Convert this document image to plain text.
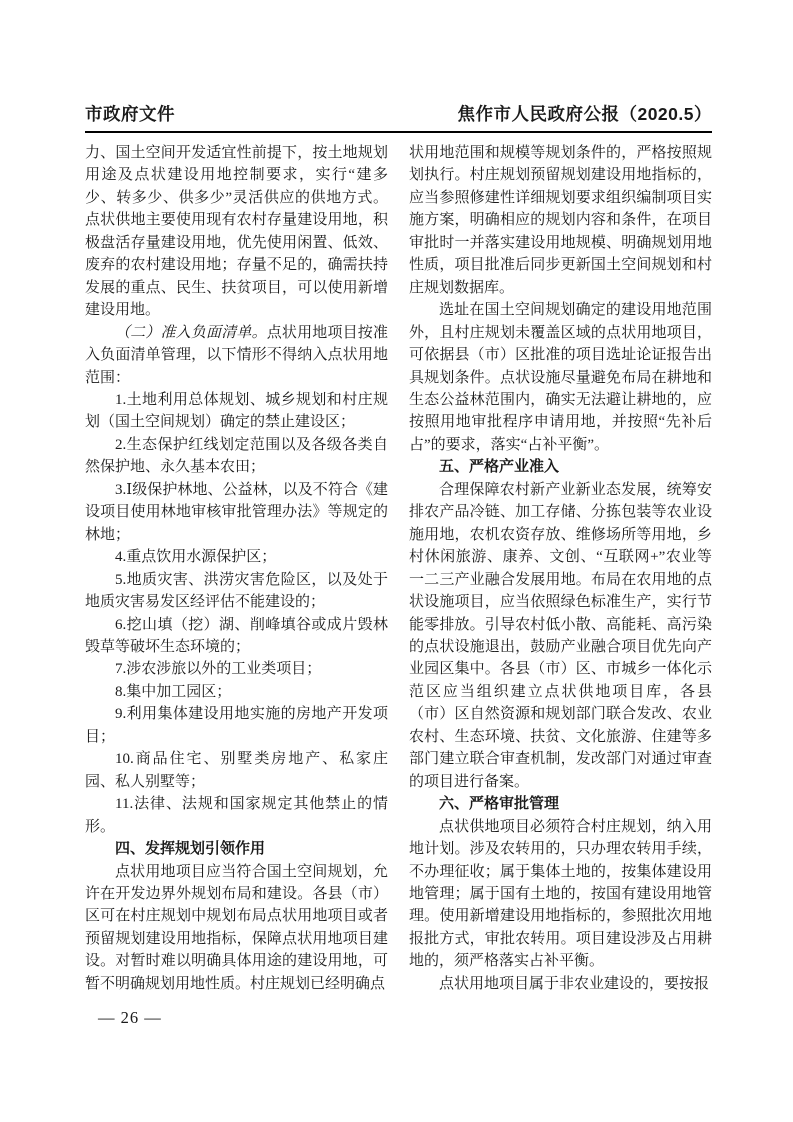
市政府文件	焦作市人民政府公报（2020.5）

力、国土空间开发适宜性前提下，按土地规划用途及点状建设用地控制要求，实行“建多少、转多少、供多少”灵活供应的供地方式。点状供地主要使用现有农村存量建设用地，积极盘活存量建设用地，优先使用闲置、低效、废弃的农村建设用地；存量不足的，确需扶持发展的重点、民生、扶贫项目，可以使用新增建设用地。

（二）准入负面清单。点状用地项目按准入负面清单管理，以下情形不得纳入点状用地范围：

1.土地利用总体规划、城乡规划和村庄规划（国土空间规划）确定的禁止建设区；

2.生态保护红线划定范围以及各级各类自然保护地、永久基本农田；

3.Ⅰ级保护林地、公益林，以及不符合《建设项目使用林地审核审批管理办法》等规定的林地；

4.重点饮用水源保护区；

5.地质灾害、洪涝灾害危险区，以及处于地质灾害易发区经评估不能建设的；

6.挖山填（挖）湖、削峰填谷或成片毁林毁草等破坏生态环境的；

7.涉农涉旅以外的工业类项目；

8.集中加工园区；

9.利用集体建设用地实施的房地产开发项目；

10.商品住宅、别墅类房地产、私家庄园、私人别墅等；

11.法律、法规和国家规定其他禁止的情形。

四、发挥规划引领作用

点状用地项目应当符合国土空间规划，允许在开发边界外规划布局和建设。各县（市）区可在村庄规划中规划布局点状用地项目或者预留规划建设用地指标，保障点状用地项目建设。对暂时难以明确具体用途的建设用地，可暂不明确规划用地性质。村庄规划已经明确点

状用地范围和规模等规划条件的，严格按照规划执行。村庄规划预留规划建设用地指标的，应当参照修建性详细规划要求组织编制项目实施方案，明确相应的规划内容和条件，在项目审批时一并落实建设用地规模、明确规划用地性质，项目批准后同步更新国土空间规划和村庄规划数据库。

选址在国土空间规划确定的建设用地范围外，且村庄规划未覆盖区域的点状用地项目，可依据县（市）区批准的项目选址论证报告出具规划条件。点状设施尽量避免布局在耕地和生态公益林范围内，确实无法避让耕地的，应按照用地审批程序申请用地，并按照“先补后占”的要求，落实“占补平衡”。

五、严格产业准入

合理保障农村新产业新业态发展，统筹安排农产品冷链、加工存储、分拣包装等农业设施用地，农机农资存放、维修场所等用地，乡村休闲旅游、康养、文创、“互联网+”农业等一二三产业融合发展用地。布局在农用地的点状设施项目，应当依照绿色标准生产，实行节能零排放。引导农村低小散、高能耗、高污染的点状设施退出，鼓励产业融合项目优先向产业园区集中。各县（市）区、市城乡一体化示范区应当组织建立点状供地项目库，各县（市）区自然资源和规划部门联合发改、农业农村、生态环境、扶贫、文化旅游、住建等多部门建立联合审查机制，发改部门对通过审查的项目进行备案。

六、严格审批管理

点状供地项目必须符合村庄规划，纳入用地计划。涉及农转用的，只办理农转用手续，不办理征收；属于集体土地的，按集体建设用地管理；属于国有土地的，按国有建设用地管理。使用新增建设用地指标的，参照批次用地报批方式，审批农转用。项目建设涉及占用耕地的，须严格落实占补平衡。

点状用地项目属于非农业建设的，要按报

— 26 —
